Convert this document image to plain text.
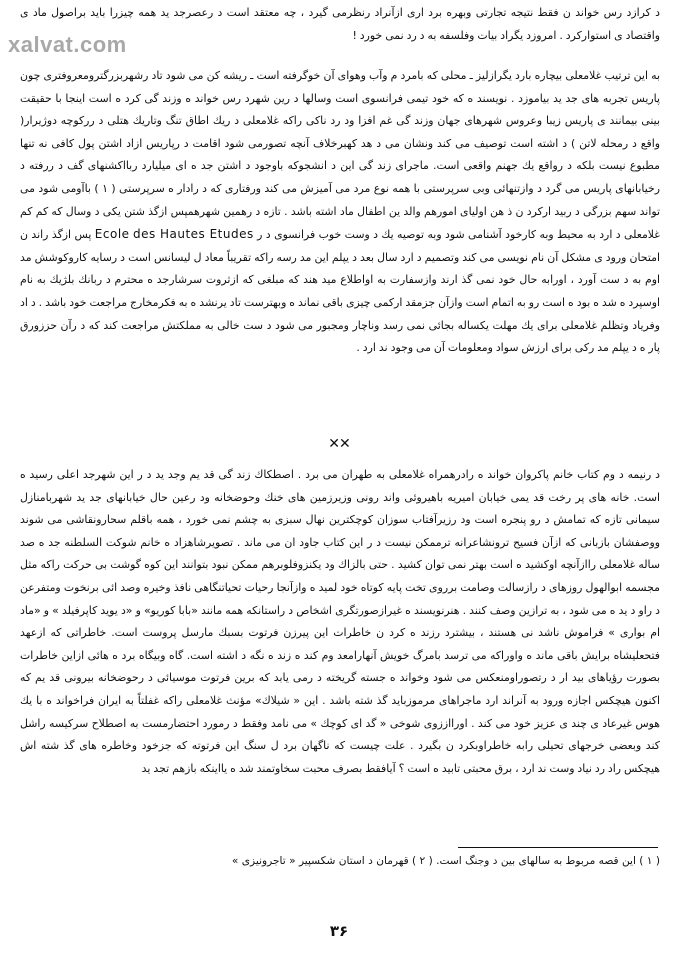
xalvat.com

د کرازد رس خواند ن فقط نتیجه تجارتی وبهره برد اری ازآنراد رنظرمی گیرد ، چه معتقد است د رعصرجد ید همه چیزرا باید براصول ماد ی واقتصاد ی استوارکرد . امروزد یگراد بیات وفلسفه به د رد نمی خورد !

به این ترتیب غلامعلی بیچاره بارد یگرازلیز ـ محلی که بامرد م وآب وهوای آن خوگرفته است ـ ریشه کن می شود تاد رشهربزرگترومعروفتری چون پاریس تجربه های جد ید بیاموزد . نویسند ه که خود تیمی فرانسوی است وسالها د رین شهرد رس خواند ه وزند گی کرد ه است اینجا با حقیقت بینی بیمانند ی پاریس زیبا وعروس شهرهای جهان وزند گی غم افزا ود رد ناکی راکه غلامعلی د ریك اطاق تنگ وتاریك هتلی د ررکوچه دوژیرار( واقع د رمحله لاتن ) د اشته است توصیف می کند ونشان می د هد کهبرخلاف آنچه تصورمی شود اقامت د رپاریس ازاد اشتن پول کافی نه تنها مطبوع نیست بلکه د رواقع یك جهنم واقعی است. ماجرای زند گی این د انشجوکه باوجود د اشتن جد ه ای میلیارد ربااکشنهای گف د ررفته د رخیابانهای پاریس می گرد د وازتنهائی وبی سرپرستی با همه نوع مرد می آمیزش می کند ورفتاری که د رادار ه سرپرستی ( ۱ ) باآومی شود می تواند سهم بزرگی د ربید ارکرد ن ذ هن اولیای امورهم والد ین اطفال ماد اشته باشد . تازه د رهمین شهرهمپس ازگذ شتن یکی د وسال که کم کم غلامعلی د ارد به محیط وبه کارخود آشنامی شود وبه توصیه یك د وست خوب فرانسوی د ر Ecole des Hautes Etudes پس ازگذ راند ن امتحان ورود ی مشکل آن نام نویسی می کند وتصمیم د ارد سال بعد د یپلم این مد رسه راکه تقریباً معاد ل لیسانس است د رسایه کاروکوشش مد اوم به د ست آورد ، اورابه حال خود نمی گذ ارند وازسفارت به اواطلاع مید هند که مبلغی که ازثروت سرشارجد ه محترم د ربانك بلژیك به نام اوسپرد ه شد ه بود ه است رو به اتمام است وازآن جزمقد ارکمی چیزی باقی نماند ه وبهترست تاد یرنشد ه به فکرمخارج مراجعت خود باشد . د اد وفریاد وتظلم غلامعلی برای یك مهلت یکساله بجائی نمی رسد وناچار ومجبور می شود د ست خالی به مملکتش مراجعت کند که د رآن حززورق پار ه د یپلم مد رکی برای ارزش سواد ومعلومات آن می وجود ند ارد .

✕✕

د رنیمه د وم کتاب خانم پاکروان خواند ه رادرهمراه غلامعلی به طهران می برد . اصطکاك زند گی قد یم وجد ید د ر این شهرجد اعلی رسید ه است. خانه های پر رخت قد یمی خیابان امیریه باهیروئی واند رونی وزیرزمین های خنك وحوضخانه ود رعین حال خیابانهای جد ید شهربامنازل سیمانی تازه که تمامش د رو پنجره است ود رزیرآفتاب سوزان کوچکترین نهال سبزی به چشم نمی خورد ، همه باقلم سحارونقاشی می شوند ووصفشان بازبانی که ازآن فسیح ترونشاعرانه ترممکن نیست د ر این کتاب جاود ان می ماند . تصویرشاهزاد ه خانم شوکت السلطنه جد ه صد ساله غلامعلی راازآنچه اوکشید ه است بهتر نمی توان کشید . حتی بالزاك ود یکنزوفلوبرهم ممکن نبود بتوانند این کوه گوشت بی حرکت راکه مثل مجسمه ابوالهول روزهای د رازسالت وصامت برروی تخت پایه کوتاه خود لمید ه وازآنجا رحیات تحیاتنگاهی نافذ وخیره وصد ائی برنخوت ومتفرعن د راو د ید ه می شود ، به ترازین وصف کنند . هنرنویسند ه غیرازصورتگری اشخاص د راستانکه همه مانند «بابا کوریو» و «د یوید کاپرفیلد » و «ماد ام بواری » فراموش ناشد نی هستند ، بیشترد رزند ه کرد ن خاطرات این پیرزن فرتوت بسبك مارسل پروست است. خاطراتی که ازعهد فتحعلیشاه برایش باقی ماند ه واوراکه می ترسد بامرگ خویش آنهارامعد وم کند ه زند ه نگه د اشته است. گاه وبیگاه برد ه هائی ازاین خاطرات بصورت رؤیاهای بید ار د رتصوراومنعکس می شود وخواند ه جسته گریخته د رمی یابد که برین فرتوت موسیائی د رحوضخانه بیرونی قد یم که اکنون هیچکس اجازه ورود به آنراند ارد ماجراهای مرموزباید گذ شته باشد . این « شیلاك» مؤنث غلامعلی راکه غفلتاً به ایران فراخواند ه با یك هوس غیرعاد ی چند ی عزیز خود می کند . اورااززوی شوخی « گد ای کوچك » می نامد وفقط د رمورد احتضارمست به اصطلاح سرکیسه راشل کند وبعضی خرجهای تحیلی رابه خاطراوبکرد ن بگیرد . علت چیست که ناگهان برد ل سنگ این فرتوته که جزخود وخاطره های گذ شته اش هیچکس راد رد نیاد وست ند ارد ، برق محبتی تابید ه است ؟ آیافقط بصرف محبت سخاوتمند شد ه یااینکه بازهم تجد ید

( ۱ ) این قصه مربوط به سالهای بین د وجنگ است. ( ۲ ) قهرمان د استان شکسپیر « تاجرونیزی »
۳۶
